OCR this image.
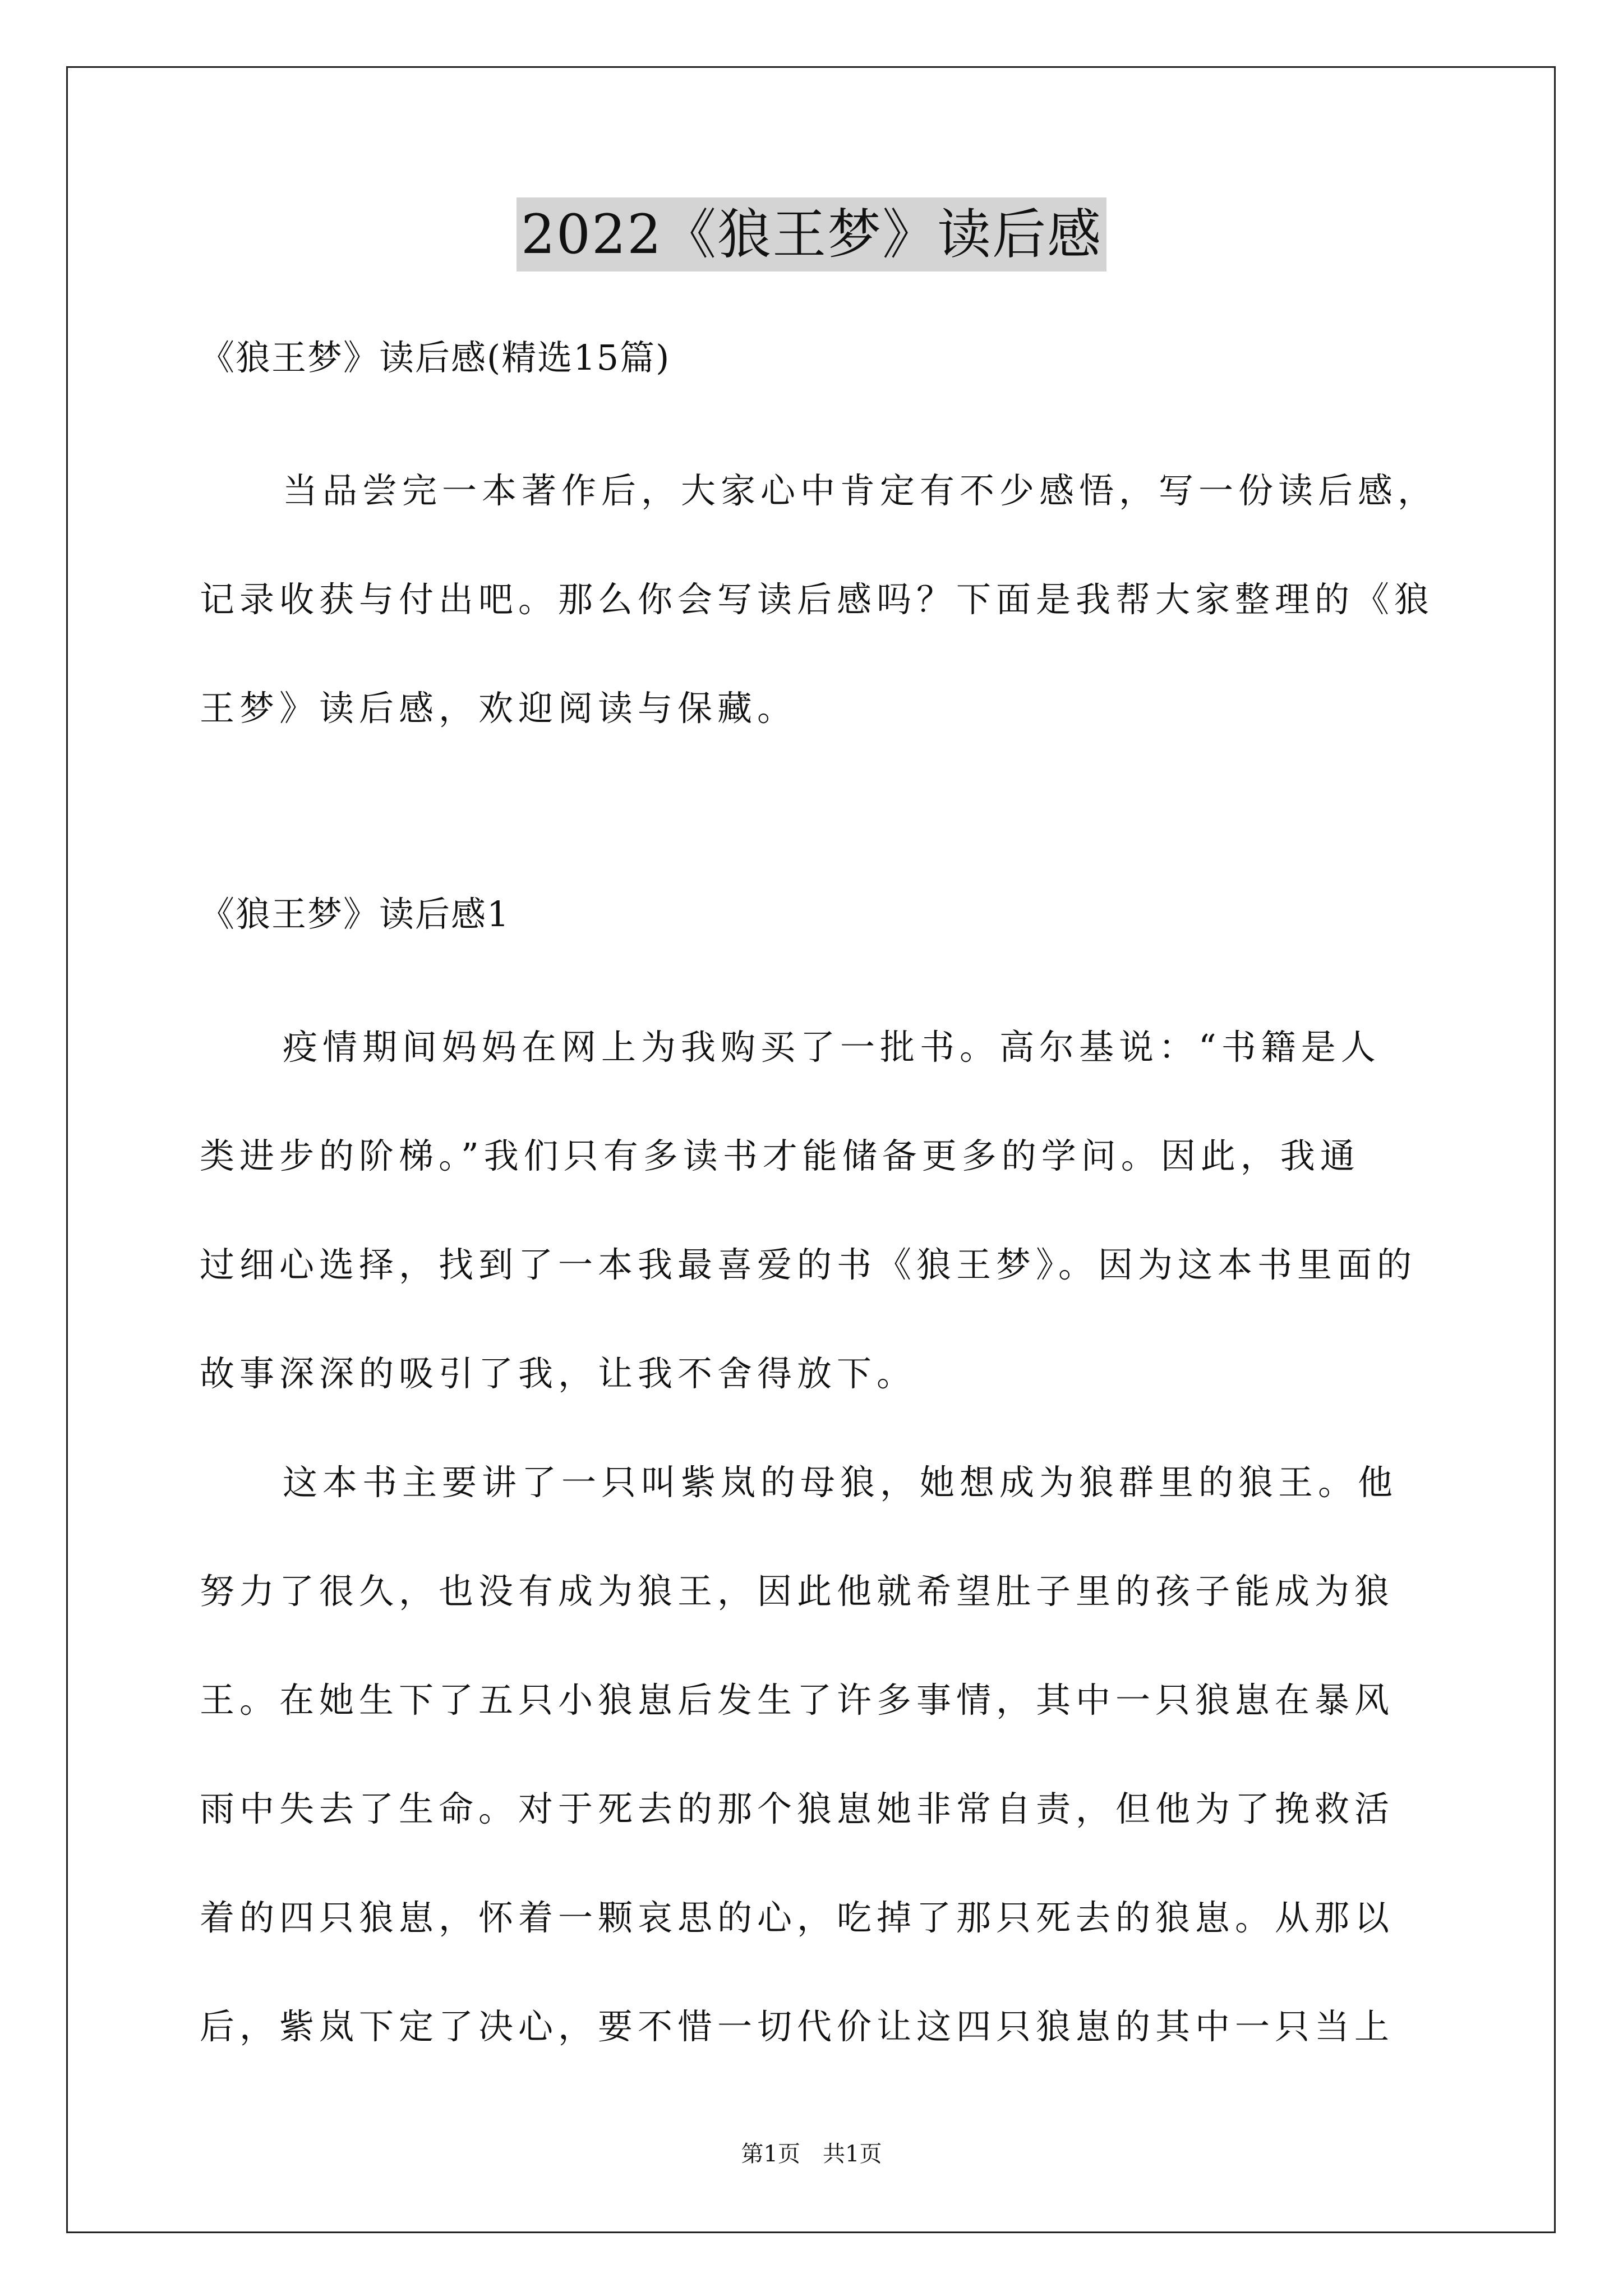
2022《狼王梦》读后感

《狼王梦》读后感(精选15篇)

当品尝完一本著作后，大家心中肯定有不少感悟，写一份读后感，
记录收获与付出吧。那么你会写读后感吗？下面是我帮大家整理的《狼
王梦》读后感，欢迎阅读与保藏。

《狼王梦》读后感1

疫情期间妈妈在网上为我购买了一批书。高尔基说：“书籍是人
类进步的阶梯。”我们只有多读书才能储备更多的学问。因此，我通
过细心选择，找到了一本我最喜爱的书《狼王梦》。因为这本书里面的
故事深深的吸引了我，让我不舍得放下。
这本书主要讲了一只叫紫岚的母狼，她想成为狼群里的狼王。他
努力了很久，也没有成为狼王，因此他就希望肚子里的孩子能成为狼
王。在她生下了五只小狼崽后发生了许多事情，其中一只狼崽在暴风
雨中失去了生命。对于死去的那个狼崽她非常自责，但他为了挽救活
着的四只狼崽，怀着一颗哀思的心，吃掉了那只死去的狼崽。从那以
后，紫岚下定了决心，要不惜一切代价让这四只狼崽的其中一只当上
第1页　共1页
